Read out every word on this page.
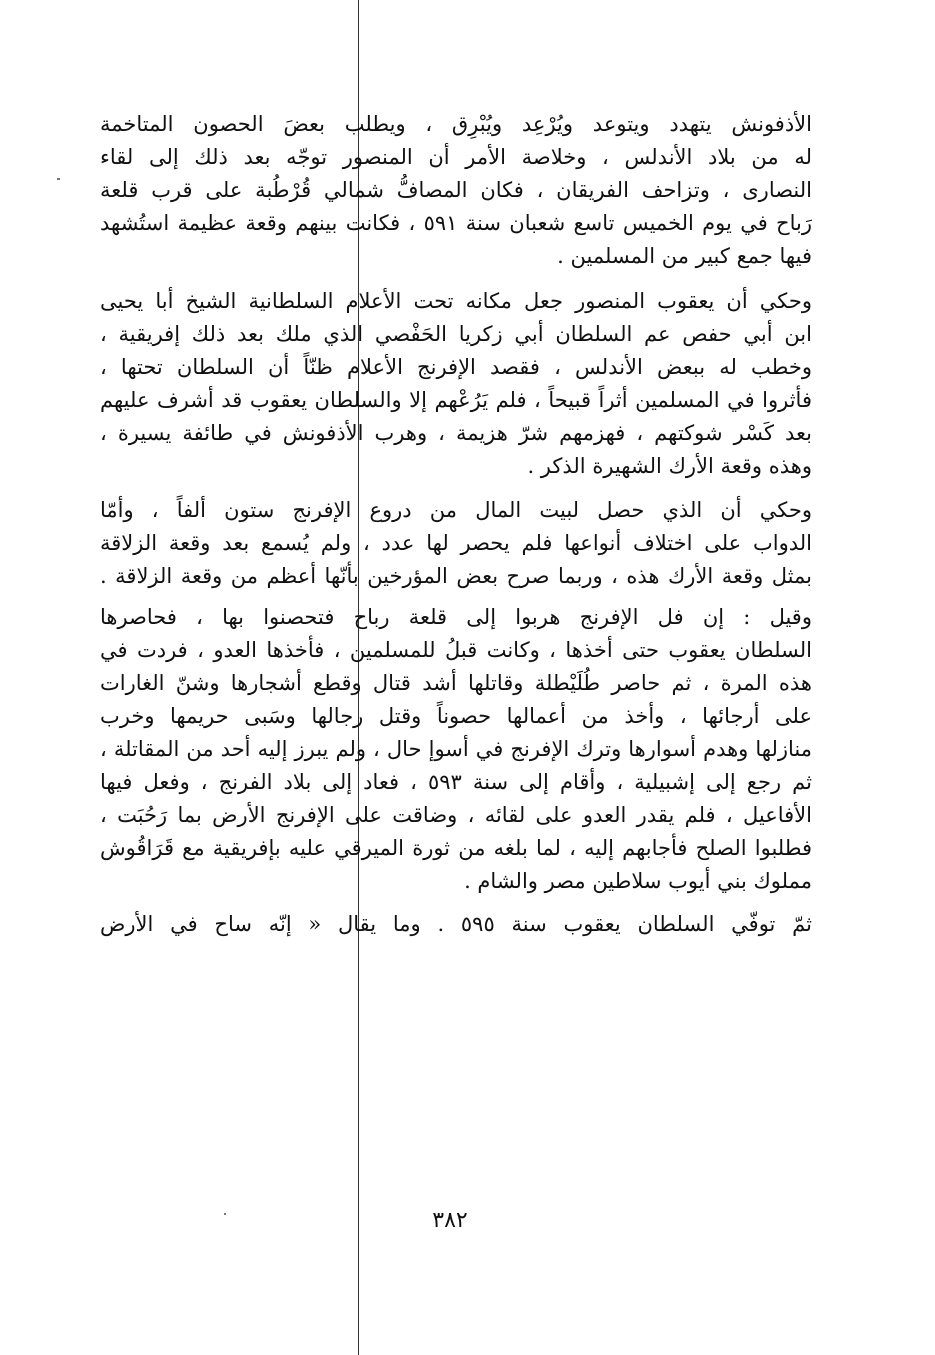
الأذفونش يتهدد ويتوعد ويُرْعِد ويُبْرِق ، ويطلب بعضَ الحصون المتاخمة
له من بلاد الأندلس ، وخلاصة الأمر أن المنصور توجّه بعد ذلك إلى لقاء
النصارى ، وتزاحف الفريقان ، فكان المصافُّ شمالي قُرْطُبة على قرب قلعة
رَباح في يوم الخميس تاسع شعبان سنة ٥٩١ ، فكانت بينهم وقعة عظيمة استُشهد
فيها جمع كبير من المسلمين .
وحكي أن يعقوب المنصور جعل مكانه تحت الأعلام السلطانية الشيخ أبا يحيى
ابن أبي حفص عم السلطان أبي زكريا الحَفْصي الذي ملك بعد ذلك إفريقية ،
وخطب له ببعض الأندلس ، فقصد الإفرنج الأعلام ظنّاً أن السلطان تحتها ،
فأثروا في المسلمين أثراً قبيحاً ، فلم يَرُعْهم إلا والسلطان يعقوب قد أشرف عليهم
بعد كَسْر شوكتهم ، فهزمهم شرّ هزيمة ، وهرب الأذفونش في طائفة يسيرة ،
وهذه وقعة الأرك الشهيرة الذكر .
وحكي أن الذي حصل لبيت المال من دروع الإفرنج ستون ألفاً ، وأمّا
الدواب على اختلاف أنواعها فلم يحصر لها عدد ، ولم يُسمع بعد وقعة الزلاقة
بمثل وقعة الأرك هذه ، وربما صرح بعض المؤرخين بأنّها أعظم من وقعة الزلاقة .
وقيل : إن فل الإفرنج هربوا إلى قلعة رباح فتحصنوا بها ، فحاصرها
السلطان يعقوب حتى أخذها ، وكانت قبلُ للمسلمين ، فأخذها العدو ، فردت في
هذه المرة ، ثم حاصر طُلَيْطلة وقاتلها أشد قتال وقطع أشجارها وشنّ الغارات
على أرجائها ، وأخذ من أعمالها حصوناً وقتل رجالها وسَبى حريمها وخرب
منازلها وهدم أسوارها وترك الإفرنج في أسوإ حال ، ولم يبرز إليه أحد من المقاتلة ،
ثم رجع إلى إشبيلية ، وأقام إلى سنة ٥٩٣ ، فعاد إلى بلاد الفرنج ، وفعل فيها
الأفاعيل ، فلم يقدر العدو على لقائه ، وضاقت على الإفرنج الأرض بما رَحُبَت ،
فطلبوا الصلح فأجابهم إليه ، لما بلغه من ثورة الميرقي عليه بإفريقية مع قَرَاقُوش
مملوك بني أيوب سلاطين مصر والشام .
ثمّ توفّي السلطان يعقوب سنة ٥٩٥ . وما يقال « إنّه ساح في الأرض
٣٨٢
